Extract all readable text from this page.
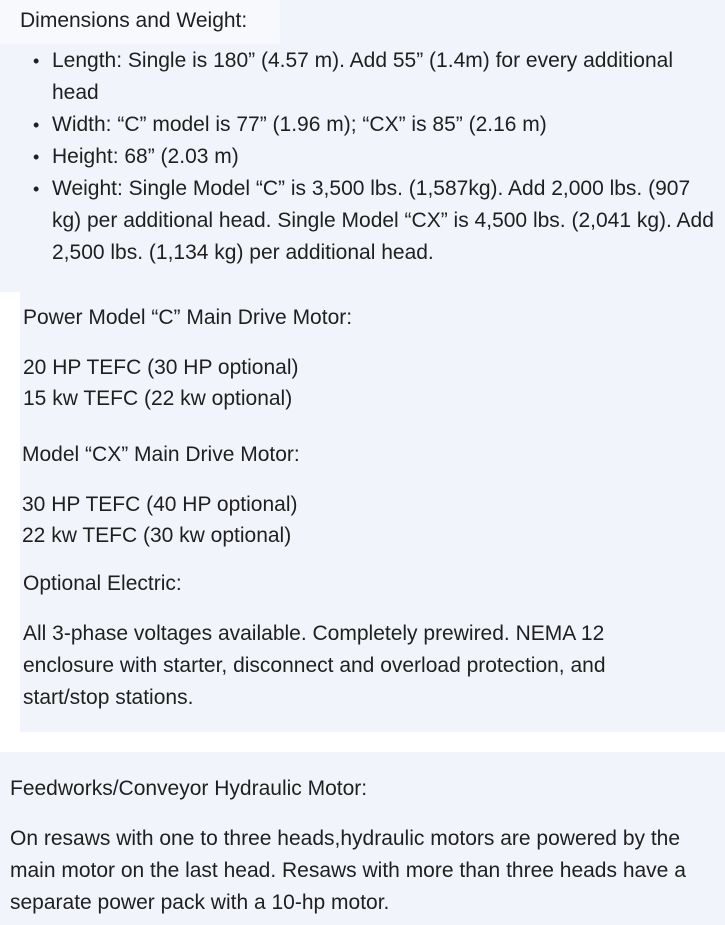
Dimensions and Weight:
• Length: Single is 180” (4.57 m). Add 55” (1.4m) for every additional head
• Width: “C” model is 77” (1.96 m); “CX” is 85” (2.16 m)
• Height: 68” (2.03 m)
• Weight: Single Model “C” is 3,500 lbs. (1,587kg). Add 2,000 lbs. (907 kg) per additional head. Single Model “CX” is 4,500 lbs. (2,041 kg). Add 2,500 lbs. (1,134 kg) per additional head.

Power Model “C” Main Drive Motor:

20 HP TEFC (30 HP optional)

15 kw TEFC (22 kw optional)

Model “CX” Main Drive Motor:

30 HP TEFC (40 HP optional)

22 kw TEFC (30 kw optional)

Optional Electric:

All 3-phase voltages available. Completely prewired. NEMA 12 enclosure with starter, disconnect and overload protection, and start/stop stations.

Feedworks/Conveyor Hydraulic Motor:

On resaws with one to three heads,hydraulic motors are powered by the main motor on the last head. Resaws with more than three heads have a separate power pack with a 10-hp motor.
